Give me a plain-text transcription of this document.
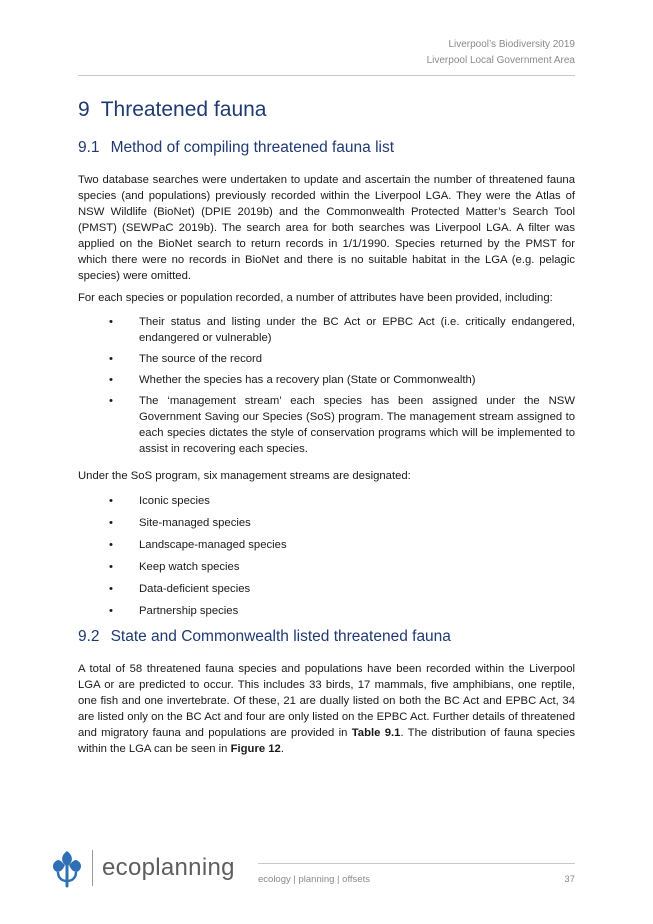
Liverpool’s Biodiversity 2019
Liverpool Local Government Area
9 Threatened fauna
9.1 Method of compiling threatened fauna list

Two database searches were undertaken to update and ascertain the number of threatened fauna species (and populations) previously recorded within the Liverpool LGA. They were the Atlas of NSW Wildlife (BioNet) (DPIE 2019b) and the Commonwealth Protected Matter’s Search Tool (PMST) (SEWPaC 2019b). The search area for both searches was Liverpool LGA. A filter was applied on the BioNet search to return records in 1/1/1990. Species returned by the PMST for which there were no records in BioNet and there is no suitable habitat in the LGA (e.g. pelagic species) were omitted.

For each species or population recorded, a number of attributes have been provided, including:

• Their status and listing under the BC Act or EPBC Act (i.e. critically endangered, endangered or vulnerable)
• The source of the record
• Whether the species has a recovery plan (State or Commonwealth)
• The ‘management stream’ each species has been assigned under the NSW Government Saving our Species (SoS) program. The management stream assigned to each species dictates the style of conservation programs which will be implemented to assist in recovering each species.

Under the SoS program, six management streams are designated:

• Iconic species
• Site-managed species
• Landscape-managed species
• Keep watch species
• Data-deficient species
• Partnership species
9.2 State and Commonwealth listed threatened fauna

A total of 58 threatened fauna species and populations have been recorded within the Liverpool LGA or are predicted to occur. This includes 33 birds, 17 mammals, five amphibians, one reptile, one fish and one invertebrate. Of these, 21 are dually listed on both the BC Act and EPBC Act, 34 are listed only on the BC Act and four are only listed on the EPBC Act. Further details of threatened and migratory fauna and populations are provided in Table 9.1. The distribution of fauna species within the LGA can be seen in Figure 12.

ecoplanning ecology | planning | offsets	37
